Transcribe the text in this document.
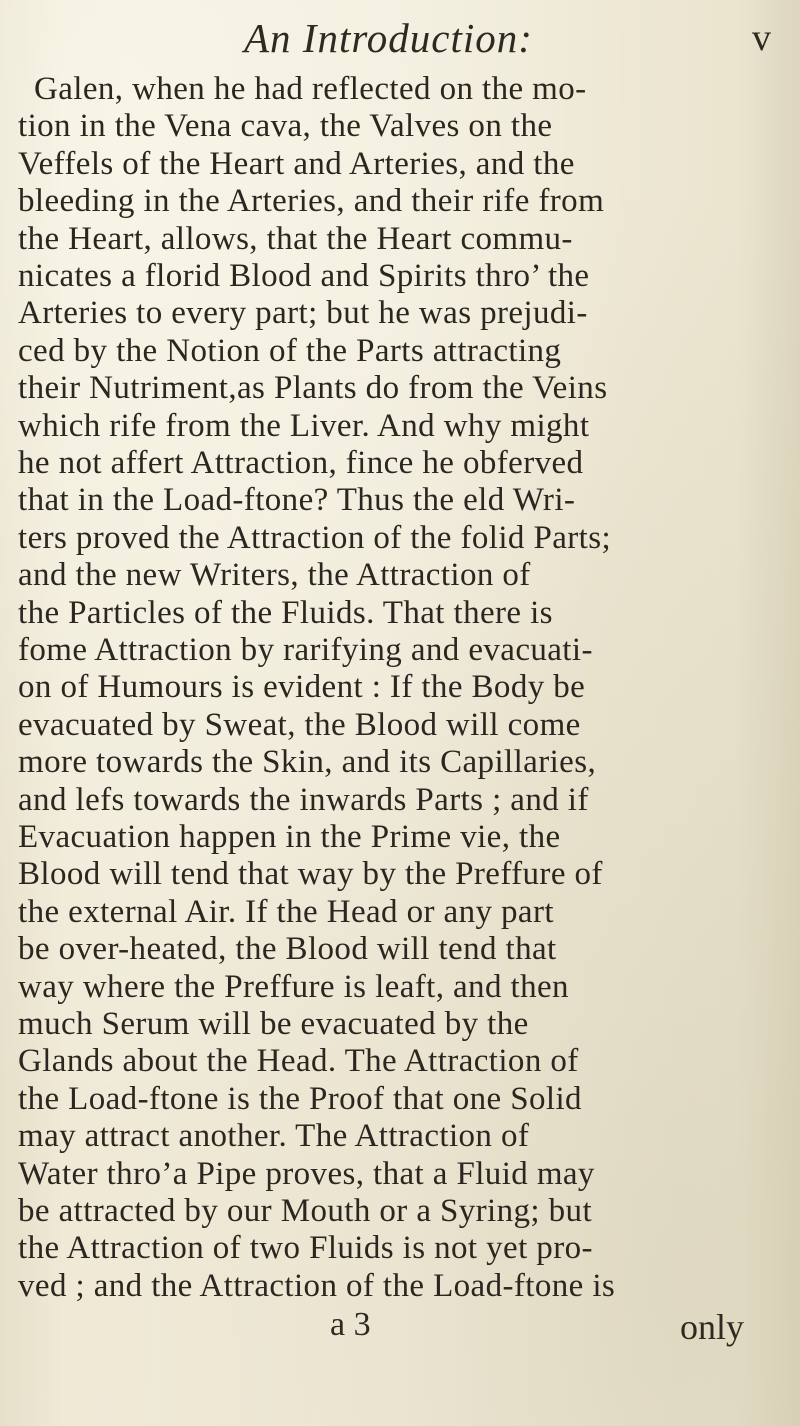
An Introduction:	v
Galen, when he had reflected on the mo-
tion in the Vena cava, the Valves on the
Veffels of the Heart and Arteries, and the
bleeding in the Arteries, and their rife from
the Heart, allows, that the Heart commu-
nicates a florid Blood and Spirits thro’ the
Arteries to every part; but he was prejudi-
ced by the Notion of the Parts attracting
their Nutriment,as Plants do from the Veins
which rife from the Liver. And why might
he not affert Attraction, fince he obferved
that in the Load-ftone? Thus the eld Wri-
ters proved the Attraction of the folid Parts;
and the new Writers, the Attraction of
the Particles of the Fluids. That there is
fome Attraction by rarifying and evacuati-
on of Humours is evident : If the Body be
evacuated by Sweat, the Blood will come
more towards the Skin, and its Capillaries,
and lefs towards the inwards Parts ; and if
Evacuation happen in the Prime vie, the
Blood will tend that way by the Preffure of
the external Air. If the Head or any part
be over-heated, the Blood will tend that
way where the Preffure is leaft, and then
much Serum will be evacuated by the
Glands about the Head. The Attraction of
the Load-ftone is the Proof that one Solid
may attract another. The Attraction of
Water thro’a Pipe proves, that a Fluid may
be attracted by our Mouth or a Syring; but
the Attraction of two Fluids is not yet pro-
ved ; and the Attraction of the Load-ftone is
a 3	only
